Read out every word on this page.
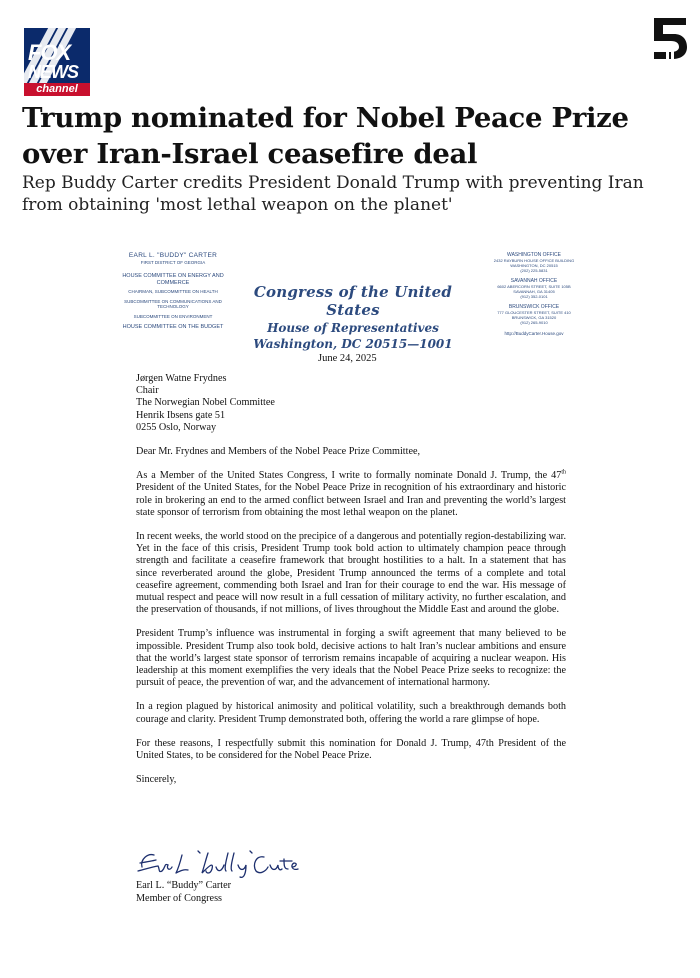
FOX
NEWS
channel
Trump nominated for Nobel Peace Prize over Iran-Israel ceasefire deal
Rep Buddy Carter credits President Donald Trump with preventing Iran from obtaining 'most lethal weapon on the planet'
EARL L. "BUDDY" CARTER
FIRST DISTRICT OF GEORGIA
HOUSE COMMITTEE ON ENERGY AND COMMERCE
CHAIRMAN, SUBCOMMITTEE ON HEALTH
SUBCOMMITTEE ON COMMUNICATIONS AND TECHNOLOGY
SUBCOMMITTEE ON ENVIRONMENT
HOUSE COMMITTEE ON THE BUDGET
Congress of the United States
House of Representatives
Washington, DC 20515—1001
WASHINGTON OFFICE
2432 RAYBURN HOUSE OFFICE BUILDING
WASHINGTON, DC 20515
(202) 225-5831
SAVANNAH OFFICE
6602 ABERCORN STREET, SUITE 105B
SAVANNAH, GA 31405
(912) 352-0101
BRUNSWICK OFFICE
777 GLOUCESTER STREET, SUITE 410
BRUNSWICK, GA 31520
(912) 265-9010
http://BuddyCarter.House.gov
June 24, 2025

Jørgen Watne Frydnes

Chair

The Norwegian Nobel Committee

Henrik Ibsens gate 51

0255 Oslo, Norway

Dear Mr. Frydnes and Members of the Nobel Peace Prize Committee,

As a Member of the United States Congress, I write to formally nominate Donald J. Trump, the 47th President of the United States, for the Nobel Peace Prize in recognition of his extraordinary and historic role in brokering an end to the armed conflict between Israel and Iran and preventing the world’s largest state sponsor of terrorism from obtaining the most lethal weapon on the planet.

In recent weeks, the world stood on the precipice of a dangerous and potentially region-destabilizing war. Yet in the face of this crisis, President Trump took bold action to ultimately champion peace through strength and facilitate a ceasefire framework that brought hostilities to a halt. In a statement that has since reverberated around the globe, President Trump announced the terms of a complete and total ceasefire agreement, commending both Israel and Iran for their courage to end the war. His message of mutual respect and peace will now result in a full cessation of military activity, no further escalation, and the preservation of thousands, if not millions, of lives throughout the Middle East and around the globe.

President Trump’s influence was instrumental in forging a swift agreement that many believed to be impossible. President Trump also took bold, decisive actions to halt Iran’s nuclear ambitions and ensure that the world’s largest state sponsor of terrorism remains incapable of acquiring a nuclear weapon. His leadership at this moment exemplifies the very ideals that the Nobel Peace Prize seeks to recognize: the pursuit of peace, the prevention of war, and the advancement of international harmony.

In a region plagued by historical animosity and political volatility, such a breakthrough demands both courage and clarity. President Trump demonstrated both, offering the world a rare glimpse of hope.

For these reasons, I respectfully submit this nomination for Donald J. Trump, 47th President of the United States, to be considered for the Nobel Peace Prize.

Sincerely,

Earl L. “Buddy” Carter
Member of Congress
